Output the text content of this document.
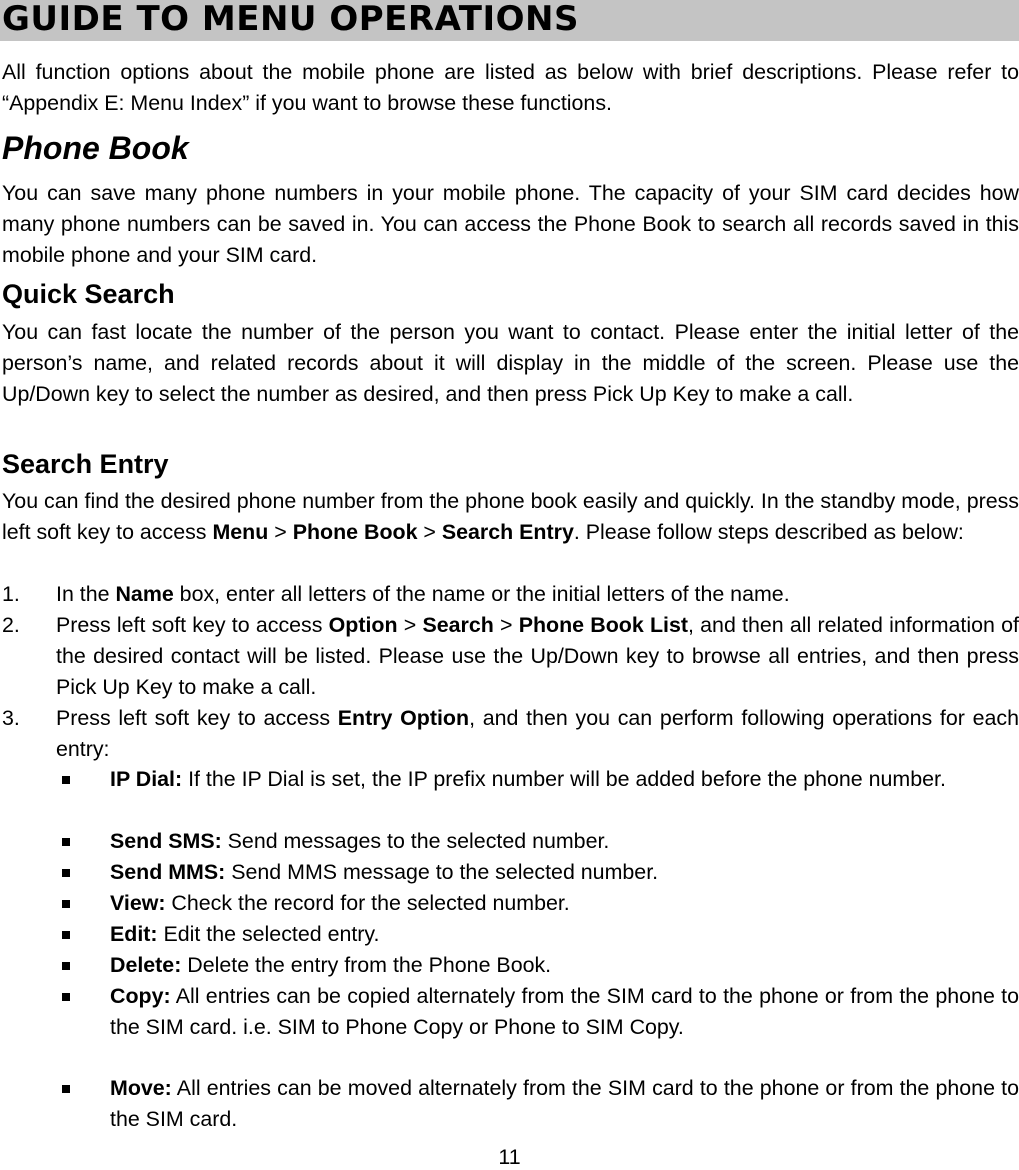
GUIDE TO MENU OPERATIONS

All function options about the mobile phone are listed as below with brief descriptions. Please refer to “Appendix E: Menu Index” if you want to browse these functions.

Phone Book

You can save many phone numbers in your mobile phone. The capacity of your SIM card decides how many phone numbers can be saved in. You can access the Phone Book to search all records saved in this mobile phone and your SIM card.

Quick Search

You can fast locate the number of the person you want to contact. Please enter the initial letter of the person’s name, and related records about it will display in the middle of the screen. Please use the Up/Down key to select the number as desired, and then press Pick Up Key to make a call.

Search Entry

You can find the desired phone number from the phone book easily and quickly. In the standby mode, press left soft key to access Menu > Phone Book > Search Entry. Please follow steps described as below:

1. In the Name box, enter all letters of the name or the initial letters of the name.

2. Press left soft key to access Option > Search > Phone Book List, and then all related information of the desired contact will be listed. Please use the Up/Down key to browse all entries, and then press Pick Up Key to make a call.

3. Press left soft key to access Entry Option, and then you can perform following operations for each entry:

IP Dial: If the IP Dial is set, the IP prefix number will be added before the phone number.

Send SMS: Send messages to the selected number.

Send MMS: Send MMS message to the selected number.

View: Check the record for the selected number.

Edit: Edit the selected entry.

Delete: Delete the entry from the Phone Book.

Copy: All entries can be copied alternately from the SIM card to the phone or from the phone to the SIM card. i.e. SIM to Phone Copy or Phone to SIM Copy.

Move: All entries can be moved alternately from the SIM card to the phone or from the phone to the SIM card.

11
